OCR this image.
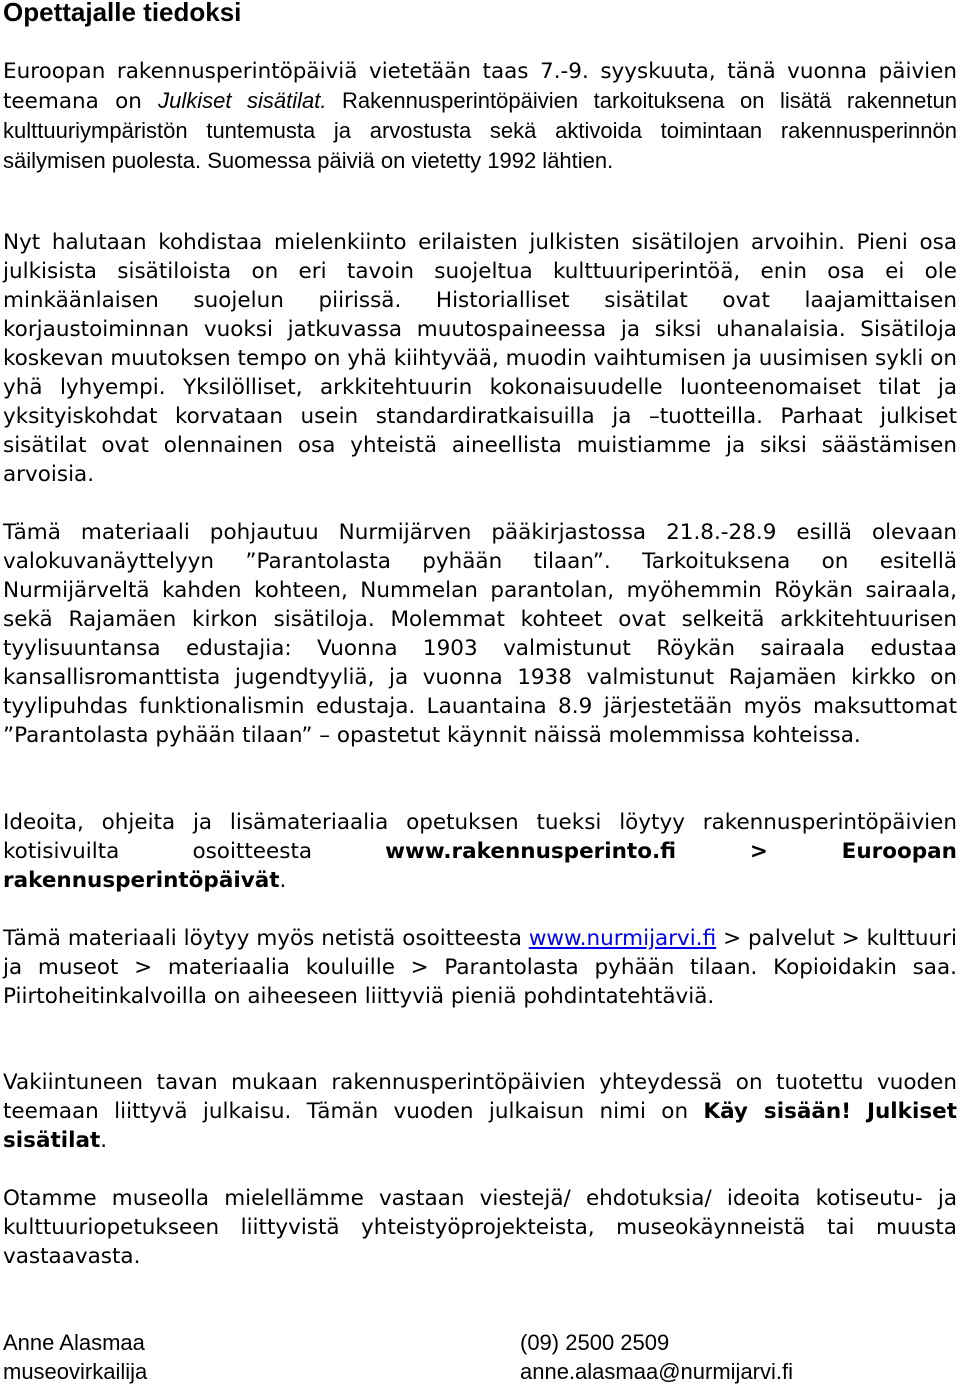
Opettajalle tiedoksi

Euroopan rakennusperintöpäiviä vietetään taas 7.-9. syyskuuta, tänä vuonna päivien teemana on Julkiset sisätilat. Rakennusperintöpäivien tarkoituksena on lisätä rakennetun kulttuuriympäristön tuntemusta ja arvostusta sekä aktivoida toimintaan rakennusperinnön säilymisen puolesta. Suomessa päiviä on vietetty 1992 lähtien.

Nyt halutaan kohdistaa mielenkiinto erilaisten julkisten sisätilojen arvoihin. Pieni osa julkisista sisätiloista on eri tavoin suojeltua kulttuuriperintöä, enin osa ei ole minkäänlaisen suojelun piirissä. Historialliset sisätilat ovat laajamittaisen korjaustoiminnan vuoksi jatkuvassa muutospaineessa ja siksi uhanalaisia. Sisätiloja koskevan muutoksen tempo on yhä kiihtyvää, muodin vaihtumisen ja uusimisen sykli on yhä lyhyempi. Yksilölliset, arkkitehtuurin kokonaisuudelle luonteenomaiset tilat ja yksityiskohdat korvataan usein standardiratkaisuilla ja –tuotteilla. Parhaat julkiset sisätilat ovat olennainen osa yhteistä aineellista muistiamme ja siksi säästämisen arvoisia.

Tämä materiaali pohjautuu Nurmijärven pääkirjastossa 21.8.-28.9 esillä olevaan valokuvanäyttelyyn ”Parantolasta pyhään tilaan”. Tarkoituksena on esitellä Nurmijärveltä kahden kohteen, Nummelan parantolan, myöhemmin Röykän sairaala, sekä Rajamäen kirkon sisätiloja. Molemmat kohteet ovat selkeitä arkkitehtuurisen tyylisuuntansa edustajia: Vuonna 1903 valmistunut Röykän sairaala edustaa kansallisromanttista jugendtyyliä, ja vuonna 1938 valmistunut Rajamäen kirkko on tyylipuhdas funktionalismin edustaja. Lauantaina 8.9 järjestetään myös maksuttomat ”Parantolasta pyhään tilaan” – opastetut käynnit näissä molemmissa kohteissa.

Ideoita, ohjeita ja lisämateriaalia opetuksen tueksi löytyy rakennusperintöpäivien kotisivuilta osoitteesta www.rakennusperinto.fi > Euroopan rakennusperintöpäivät.

Tämä materiaali löytyy myös netistä osoitteesta www.nurmijarvi.fi > palvelut > kulttuuri ja museot > materiaalia kouluille > Parantolasta pyhään tilaan. Kopioidakin saa. Piirtoheitinkalvoilla on aiheeseen liittyviä pieniä pohdintatehtäviä.

Vakiintuneen tavan mukaan rakennusperintöpäivien yhteydessä on tuotettu vuoden teemaan liittyvä julkaisu. Tämän vuoden julkaisun nimi on Käy sisään! Julkiset sisätilat.

Otamme museolla mielellämme vastaan viestejä/ ehdotuksia/ ideoita kotiseutu- ja kulttuuriopetukseen liittyvistä yhteistyöprojekteista, museokäynneistä tai muusta vastaavasta.

Anne Alasmaa
museovirkailija
(09) 2500 2509
anne.alasmaa@nurmijarvi.fi
